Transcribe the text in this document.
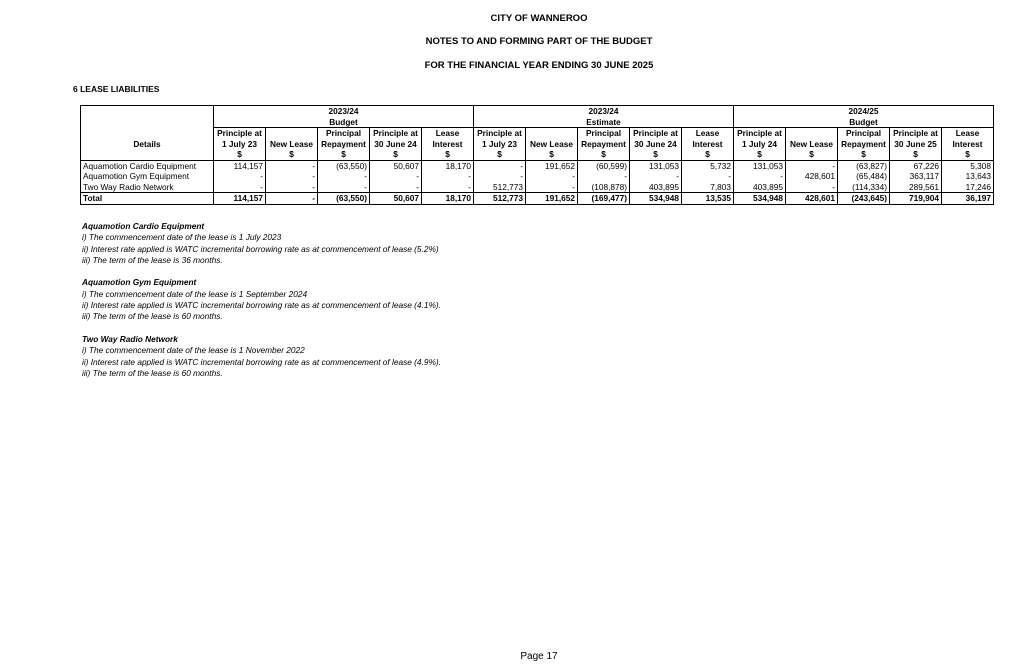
CITY OF WANNEROO
NOTES TO AND FORMING PART OF THE BUDGET
FOR THE FINANCIAL YEAR ENDING 30 JUNE 2025
6 LEASE LIABILITIES
	2023/24					2023/24					2024/25				
	Budget					Estimate					Budget				
	Principle at		Principal	Principle at	Lease	Principle at		Principal	Principle at	Lease	Principle at		Principal	Principle at	Lease
Details	1 July 23	New Lease	Repayment	30 June 24	Interest	1 July 23	New Lease	Repayment	30 June 24	Interest	1 July 24	New Lease	Repayment	30 June 25	Interest
	$	$	$	$	$	$	$	$	$	$	$	$	$	$	$
Aquamotion Cardio Equipment	114,157	-	(63,550)	50,607	18,170	-	191,652	(60,599)	131,053	5,732	131,053	-	(63,827)	67,226	5,308
Aquamotion Gym Equipment	-	-	-	-	-	-	-	-	-	-	-	428,601	(65,484)	363,117	13,643
Two Way Radio Network	-	-	-	-	-	512,773	-	(108,878)	403,895	7,803	403,895	-	(114,334)	289,561	17,246
Total	114,157	-	(63,550)	50,607	18,170	512,773	191,652	(169,477)	534,948	13,535	534,948	428,601	(243,645)	719,904	36,197
Aquamotion Cardio Equipment
i) The commencement date of the lease is 1 July 2023
ii) Interest rate applied is WATC incremental borrowing rate as at commencement of lease (5.2%)
iii) The term of the lease is 36 months.
Aquamotion Gym Equipment
i) The commencement date of the lease is 1 September 2024
ii) Interest rate applied is WATC incremental borrowing rate as at commencement of lease (4.1%).
iii) The term of the lease is 60 months.
Two Way Radio Network
i) The commencement date of the lease is 1 November 2022
ii) Interest rate applied is WATC incremental borrowing rate as at commencement of lease (4.9%).
iii) The term of the lease is 60 months.
Page 17
